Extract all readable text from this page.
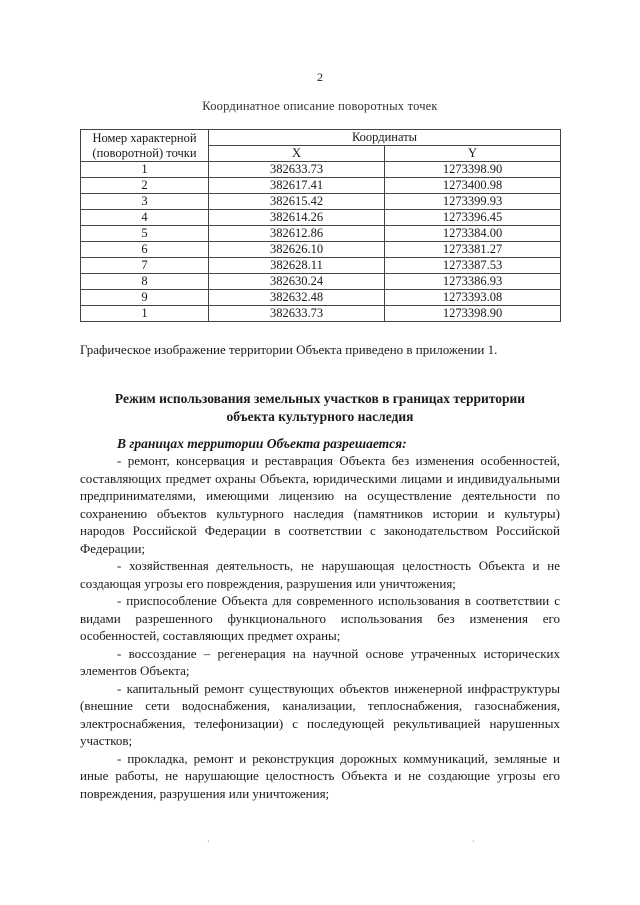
2
Координатное описание поворотных точек
Номер характерной (поворотной) точки	Координаты	
	X	Y
1	382633.73	1273398.90
2	382617.41	1273400.98
3	382615.42	1273399.93
4	382614.26	1273396.45
5	382612.86	1273384.00
6	382626.10	1273381.27
7	382628.11	1273387.53
8	382630.24	1273386.93
9	382632.48	1273393.08
1	382633.73	1273398.90
Графическое изображение территории Объекта приведено в приложении 1.
Режим использования земельных участков в границах территории
объекта культурного наследия
В границах территории Объекта разрешается:

- ремонт, консервация и реставрация Объекта без изменения особенностей, составляющих предмет охраны Объекта, юридическими лицами и индивидуальными предпринимателями, имеющими лицензию на осуществление деятельности по сохранению объектов культурного наследия (памятников истории и культуры) народов Российской Федерации в соответствии с законодательством Российской Федерации;

- хозяйственная деятельность, не нарушающая целостность Объекта и не создающая угрозы его повреждения, разрушения или уничтожения;

- приспособление Объекта для современного использования в соответствии с видами разрешенного функционального использования без изменения его особенностей, составляющих предмет охраны;

- воссоздание – регенерация на научной основе утраченных исторических элементов Объекта;

- капитальный ремонт существующих объектов инженерной инфраструктуры (внешние сети водоснабжения, канализации, теплоснабжения, газоснабжения, электроснабжения, телефонизации) с последующей рекультивацией нарушенных участков;

- прокладка, ремонт и реконструкция дорожных коммуникаций, земляные и иные работы, не нарушающие целостность Объекта и не создающие угрозы его повреждения, разрушения или уничтожения;

·	·
